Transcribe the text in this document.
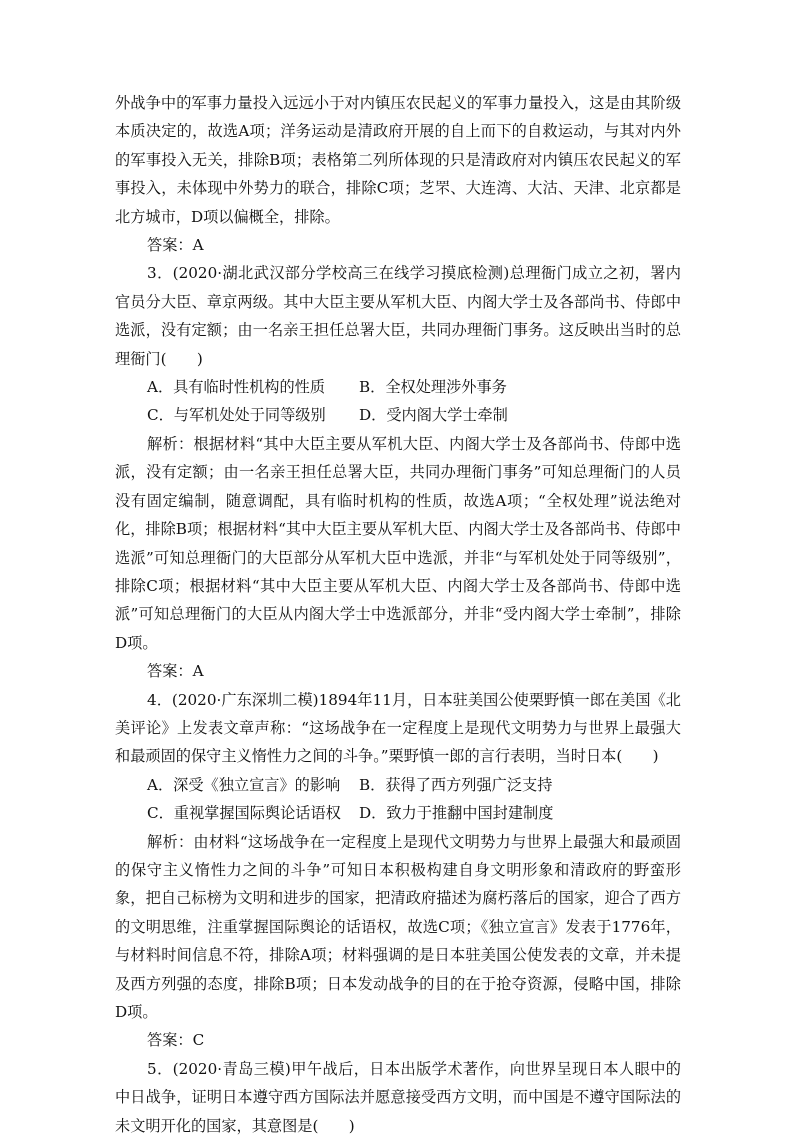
外战争中的军事力量投入远远小于对内镇压农民起义的军事力量投入，这是由其阶级本质决定的，故选A项；洋务运动是清政府开展的自上而下的自救运动，与其对内外的军事投入无关，排除B项；表格第二列所体现的只是清政府对内镇压农民起义的军事投入，未体现中外势力的联合，排除C项；芝罘、大连湾、大沽、天津、北京都是北方城市，D项以偏概全，排除。

答案：A

3．(2020·湖北武汉部分学校高三在线学习摸底检测)总理衙门成立之初，署内官员分大臣、章京两级。其中大臣主要从军机大臣、内阁大学士及各部尚书、侍郎中选派，没有定额；由一名亲王担任总署大臣，共同办理衙门事务。这反映出当时的总理衙门(　　)

A．具有临时性机构的性质	B．全权处理涉外事务
C．与军机处处于同等级别	D．受内阁大学士牵制

解析：根据材料“其中大臣主要从军机大臣、内阁大学士及各部尚书、侍郎中选派，没有定额；由一名亲王担任总署大臣，共同办理衙门事务”可知总理衙门的人员没有固定编制，随意调配，具有临时机构的性质，故选A项；“全权处理”说法绝对化，排除B项；根据材料“其中大臣主要从军机大臣、内阁大学士及各部尚书、侍郎中选派”可知总理衙门的大臣部分从军机大臣中选派，并非“与军机处处于同等级别”，排除C项；根据材料“其中大臣主要从军机大臣、内阁大学士及各部尚书、侍郎中选派”可知总理衙门的大臣从内阁大学士中选派部分，并非“受内阁大学士牵制”，排除D项。

答案：A

4．(2020·广东深圳二模)1894年11月，日本驻美国公使栗野慎一郎在美国《北美评论》上发表文章声称：“这场战争在一定程度上是现代文明势力与世界上最强大和最顽固的保守主义惰性力之间的斗争。”栗野慎一郎的言行表明，当时日本(　　)

A．深受《独立宣言》的影响	B．获得了西方列强广泛支持
C．重视掌握国际舆论话语权	D．致力于推翻中国封建制度

解析：由材料“这场战争在一定程度上是现代文明势力与世界上最强大和最顽固的保守主义惰性力之间的斗争”可知日本积极构建自身文明形象和清政府的野蛮形象，把自己标榜为文明和进步的国家，把清政府描述为腐朽落后的国家，迎合了西方的文明思维，注重掌握国际舆论的话语权，故选C项；《独立宣言》发表于1776年，与材料时间信息不符，排除A项；材料强调的是日本驻美国公使发表的文章，并未提及西方列强的态度，排除B项；日本发动战争的目的在于抢夺资源，侵略中国，排除D项。

答案：C

5．(2020·青岛三模)甲午战后，日本出版学术著作，向世界呈现日本人眼中的中日战争，证明日本遵守西方国际法并愿意接受西方文明，而中国是不遵守国际法的未文明开化的国家，其意图是(　　)
